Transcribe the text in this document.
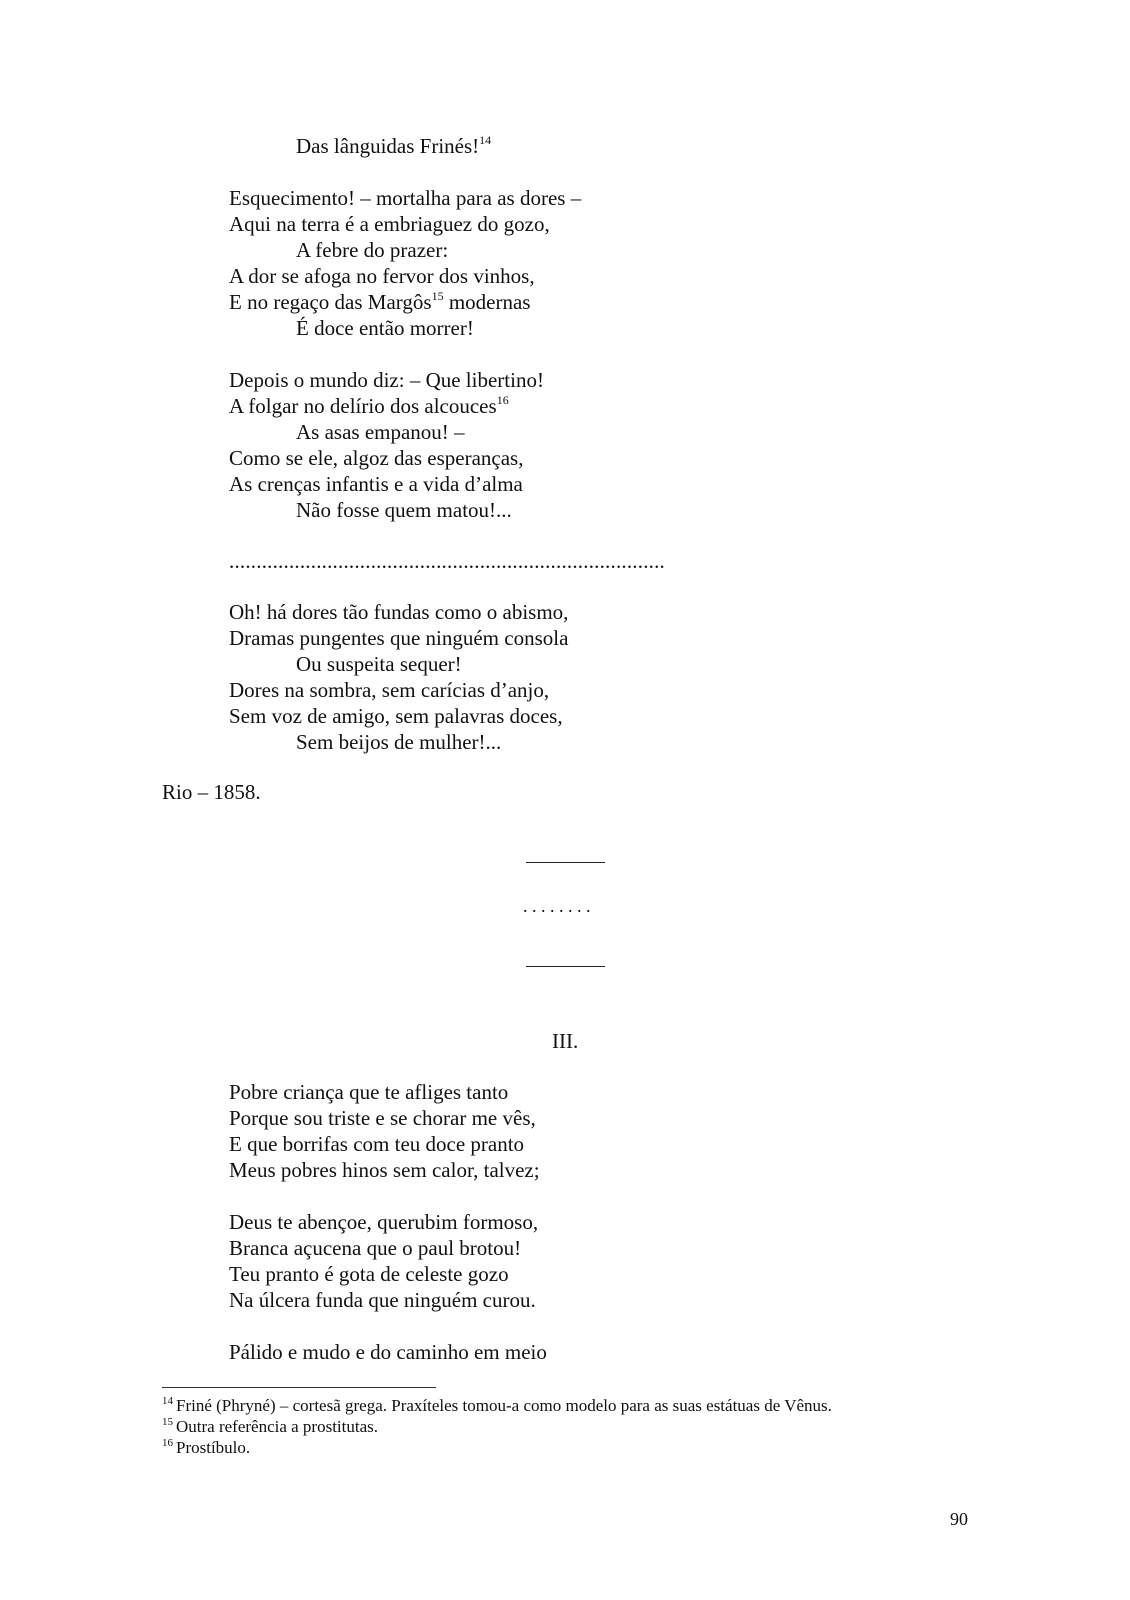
Das lânguidas Frinés!$^{14}$
Esquecimento! – mortalha para as dores –
Aqui na terra é a embriaguez do gozo,
A febre do prazer:
A dor se afoga no fervor dos vinhos,
E no regaço das Margôs$^{15}$ modernas
É doce então morrer!
Depois o mundo diz: – Que libertino!
A folgar no delírio dos alcouces$^{16}$
As asas empanou! –
Como se ele, algoz das esperanças,
As crenças infantis e a vida d’alma
Não fosse quem matou!...
................................................................................
Oh! há dores tão fundas como o abismo,
Dramas pungentes que ninguém consola
Ou suspeita sequer!
Dores na sombra, sem carícias d’anjo,
Sem voz de amigo, sem palavras doces,
Sem beijos de mulher!...
Rio – 1858.
. . . . . . . .
III.
Pobre criança que te afliges tanto
Porque sou triste e se chorar me vês,
E que borrifas com teu doce pranto
Meus pobres hinos sem calor, talvez;
Deus te abençoe, querubim formoso,
Branca açucena que o paul brotou!
Teu pranto é gota de celeste gozo
Na úlcera funda que ninguém curou.
Pálido e mudo e do caminho em meio
$^{14}$ Friné (Phryné) – cortesã grega. Praxíteles tomou-a como modelo para as suas estátuas de Vênus.
$^{15}$ Outra referência a prostitutas.
$^{16}$ Prostíbulo.
90
